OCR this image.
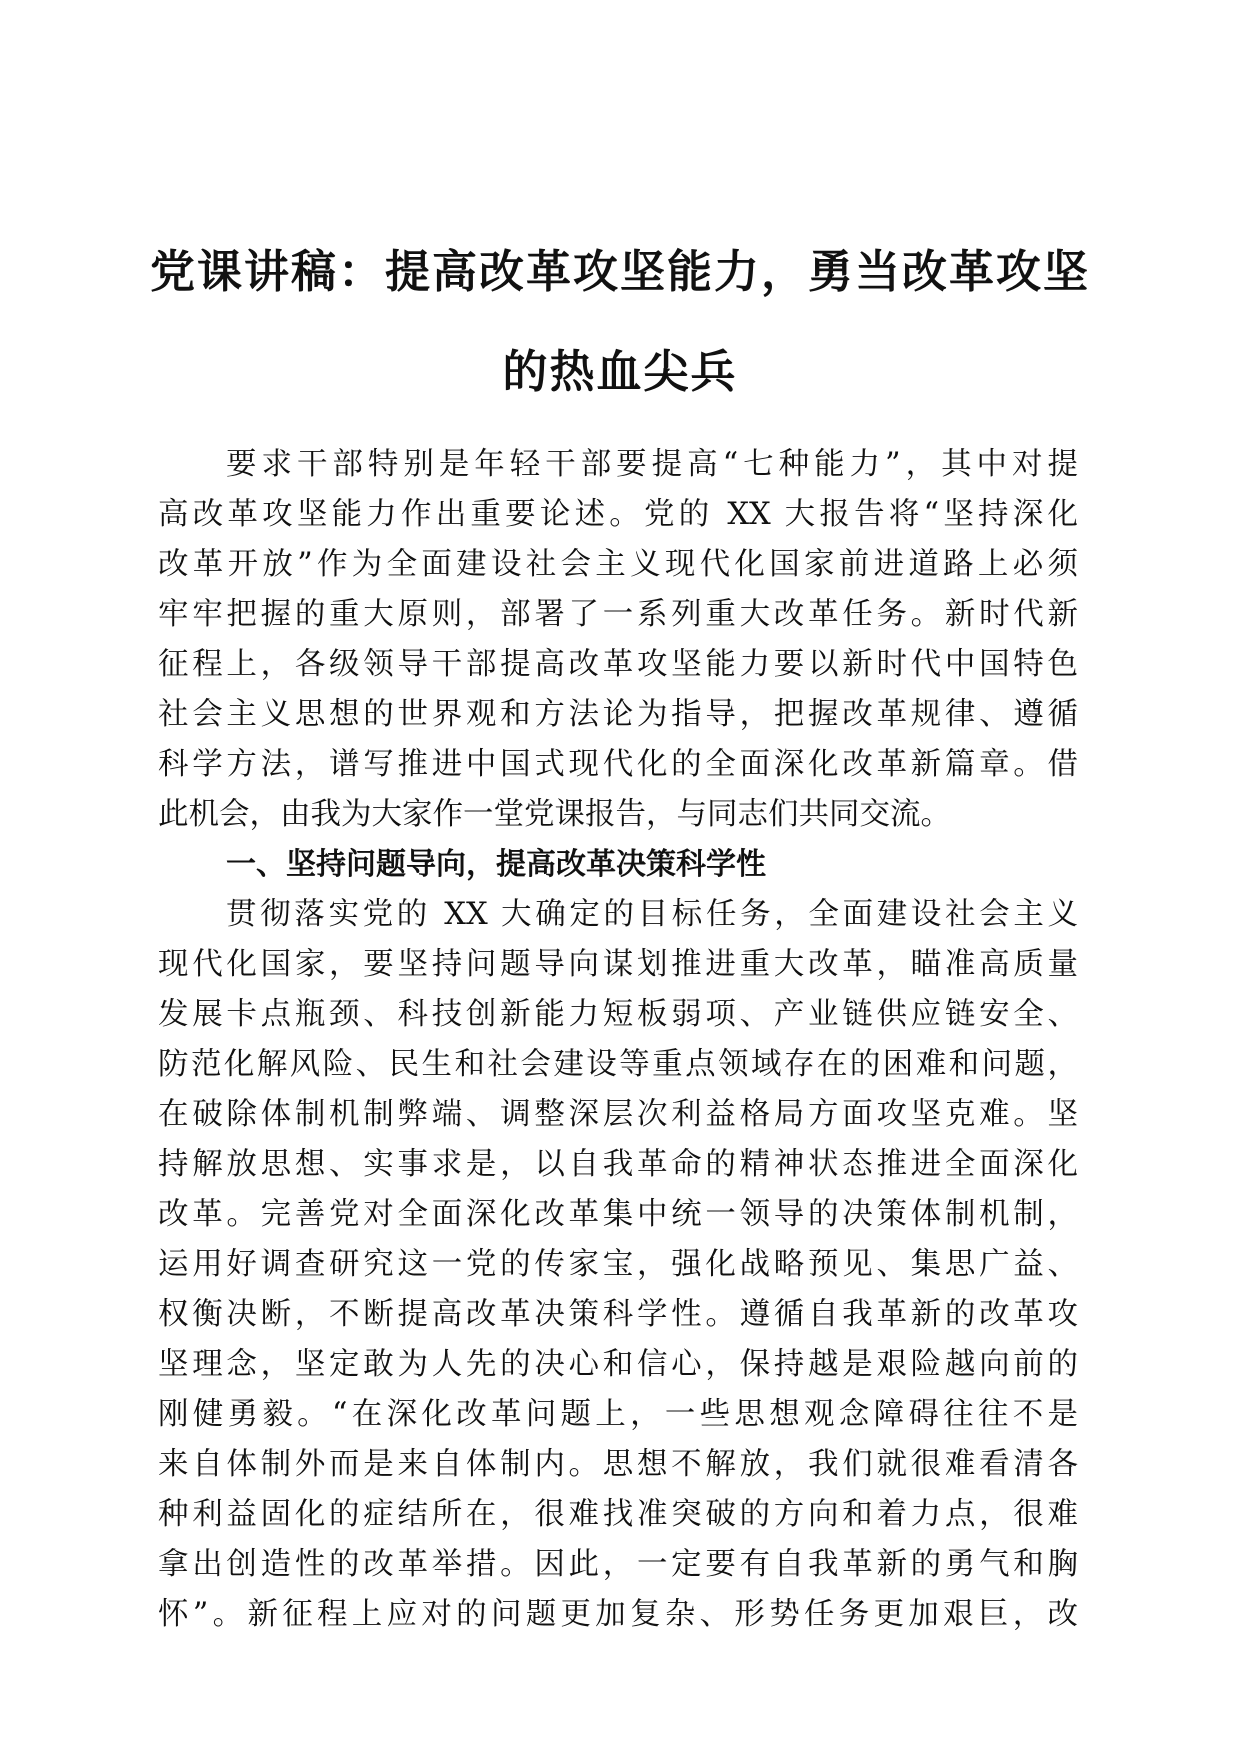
党课讲稿：提高改革攻坚能力，勇当改革攻坚
的热血尖兵
要求干部特别是年轻干部要提高“七种能力”，其中对提
高改革攻坚能力作出重要论述。党的 XX 大报告将“坚持深化
改革开放”作为全面建设社会主义现代化国家前进道路上必须
牢牢把握的重大原则，部署了一系列重大改革任务。新时代新
征程上，各级领导干部提高改革攻坚能力要以新时代中国特色
社会主义思想的世界观和方法论为指导，把握改革规律、遵循
科学方法，谱写推进中国式现代化的全面深化改革新篇章。借
此机会，由我为大家作一堂党课报告，与同志们共同交流。
一、坚持问题导向，提高改革决策科学性
贯彻落实党的 XX 大确定的目标任务，全面建设社会主义
现代化国家，要坚持问题导向谋划推进重大改革，瞄准高质量
发展卡点瓶颈、科技创新能力短板弱项、产业链供应链安全、
防范化解风险、民生和社会建设等重点领域存在的困难和问题，
在破除体制机制弊端、调整深层次利益格局方面攻坚克难。坚
持解放思想、实事求是，以自我革命的精神状态推进全面深化
改革。完善党对全面深化改革集中统一领导的决策体制机制，
运用好调查研究这一党的传家宝，强化战略预见、集思广益、
权衡决断，不断提高改革决策科学性。遵循自我革新的改革攻
坚理念，坚定敢为人先的决心和信心，保持越是艰险越向前的
刚健勇毅。“在深化改革问题上，一些思想观念障碍往往不是
来自体制外而是来自体制内。思想不解放，我们就很难看清各
种利益固化的症结所在，很难找准突破的方向和着力点，很难
拿出创造性的改革举措。因此，一定要有自我革新的勇气和胸
怀”。新征程上应对的问题更加复杂、形势任务更加艰巨，改
